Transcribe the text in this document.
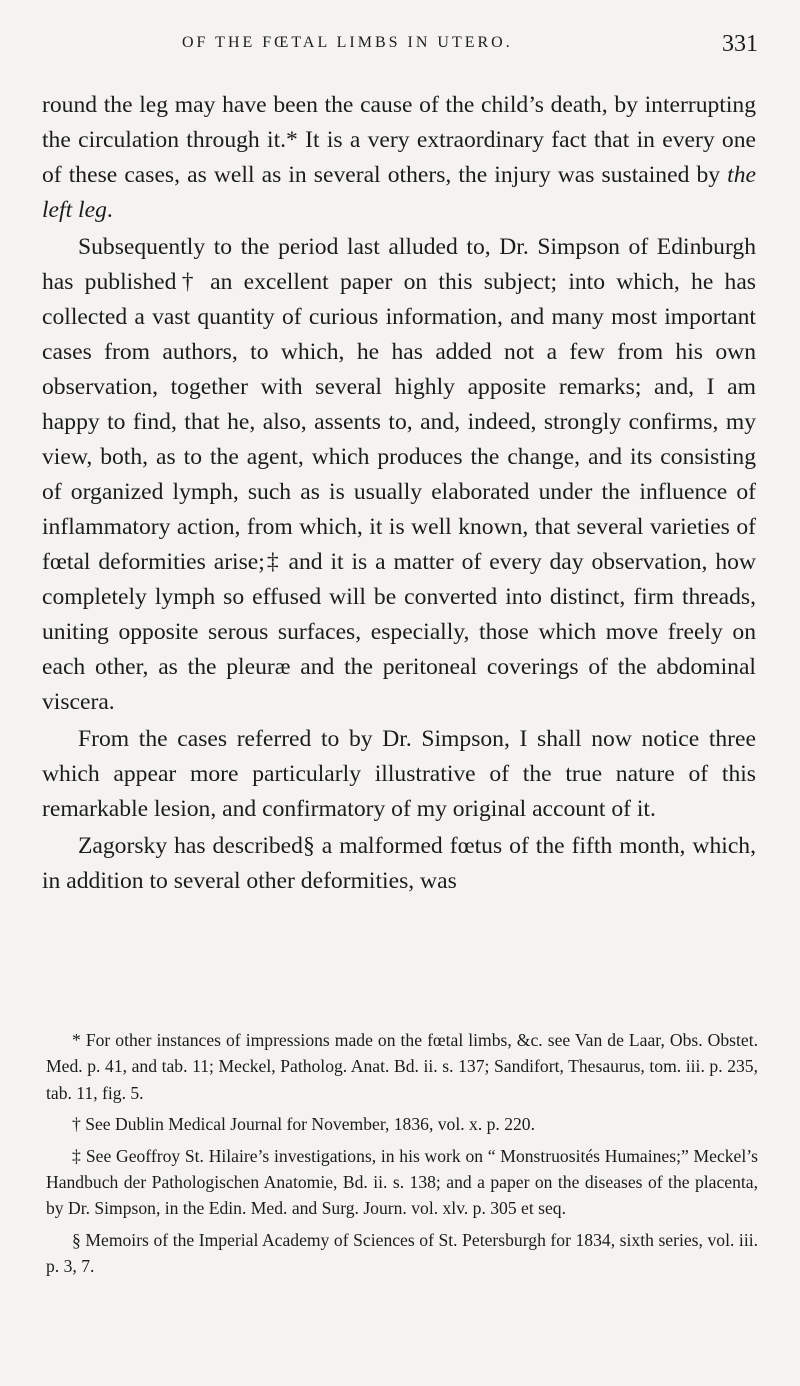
OF THE FŒTAL LIMBS IN UTERO.	331

round the leg may have been the cause of the child’s death, by interrupting the circulation through it.* It is a very extraordinary fact that in every one of these cases, as well as in several others, the injury was sustained by the left leg.

Subsequently to the period last alluded to, Dr. Simpson of Edinburgh has published† an excellent paper on this subject; into which, he has collected a vast quantity of curious information, and many most important cases from authors, to which, he has added not a few from his own observation, together with several highly apposite remarks; and, I am happy to find, that he, also, assents to, and, indeed, strongly confirms, my view, both, as to the agent, which produces the change, and its consisting of organized lymph, such as is usually elaborated under the influence of inflammatory action, from which, it is well known, that several varieties of fœtal deformities arise;‡ and it is a matter of every day observation, how completely lymph so effused will be converted into distinct, firm threads, uniting opposite serous surfaces, especially, those which move freely on each other, as the pleuræ and the peritoneal coverings of the abdominal viscera.

From the cases referred to by Dr. Simpson, I shall now notice three which appear more particularly illustrative of the true nature of this remarkable lesion, and confirmatory of my original account of it.

Zagorsky has described§ a malformed fœtus of the fifth month, which, in addition to several other deformities, was

* For other instances of impressions made on the fœtal limbs, &c. see Van de Laar, Obs. Obstet. Med. p. 41, and tab. 11; Meckel, Patholog. Anat. Bd. ii. s. 137; Sandifort, Thesaurus, tom. iii. p. 235, tab. 11, fig. 5.

† See Dublin Medical Journal for November, 1836, vol. x. p. 220.

‡ See Geoffroy St. Hilaire’s investigations, in his work on “ Monstruosités Humaines;” Meckel’s Handbuch der Pathologischen Anatomie, Bd. ii. s. 138; and a paper on the diseases of the placenta, by Dr. Simpson, in the Edin. Med. and Surg. Journ. vol. xlv. p. 305 et seq.

§ Memoirs of the Imperial Academy of Sciences of St. Petersburgh for 1834, sixth series, vol. iii. p. 3, 7.
